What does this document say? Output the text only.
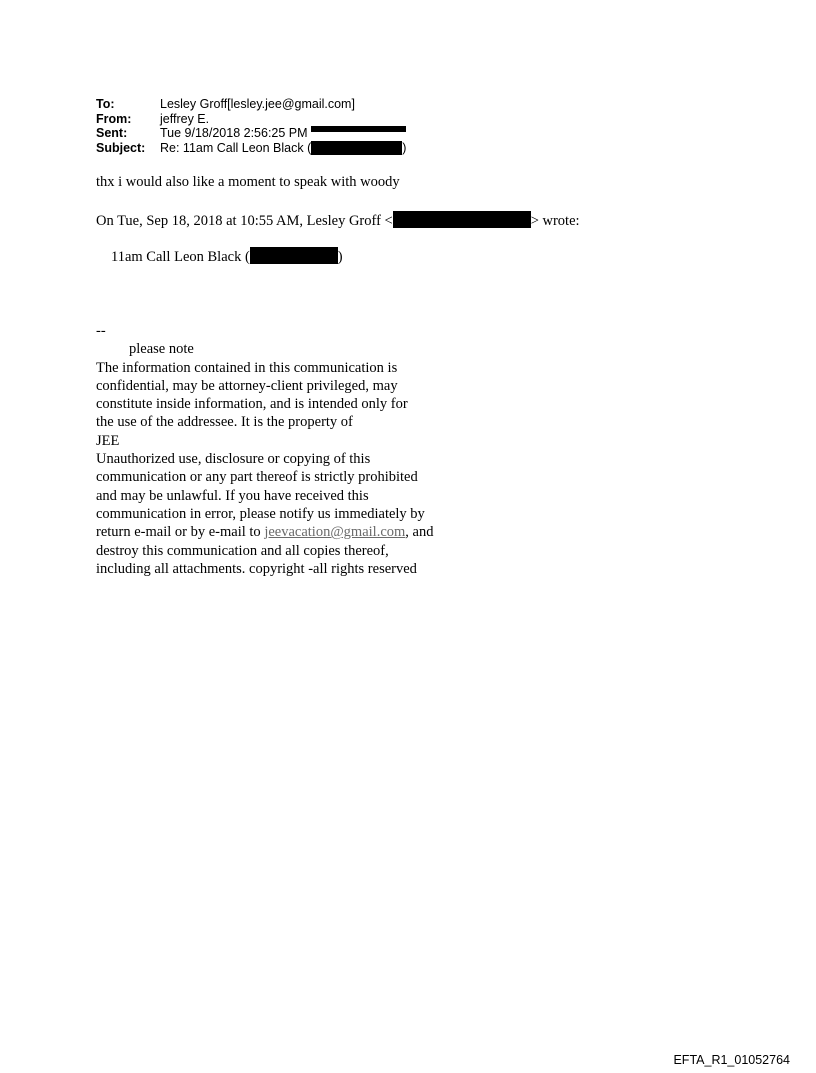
To:	Lesley Groff[lesley.jee@gmail.com]
From:	jeffrey E.
Sent:	Tue 9/18/2018 2:56:25 PM
Subject:	Re: 11am Call Leon Black (	)
thx i would also like a moment to speak with woody
On Tue, Sep 18, 2018 at 10:55 AM, Lesley Groff <	> wrote:
11am Call Leon Black (	)
--
please note
The information contained in this communication is
confidential, may be attorney-client privileged, may
constitute inside information, and is intended only for
the use of the addressee. It is the property of
JEE
Unauthorized use, disclosure or copying of this
communication or any part thereof is strictly prohibited
and may be unlawful. If you have received this
communication in error, please notify us immediately by
return e-mail or by e-mail to jeevacation@gmail.com, and
destroy this communication and all copies thereof,
including all attachments. copyright -all rights reserved
EFTA_R1_01052764
